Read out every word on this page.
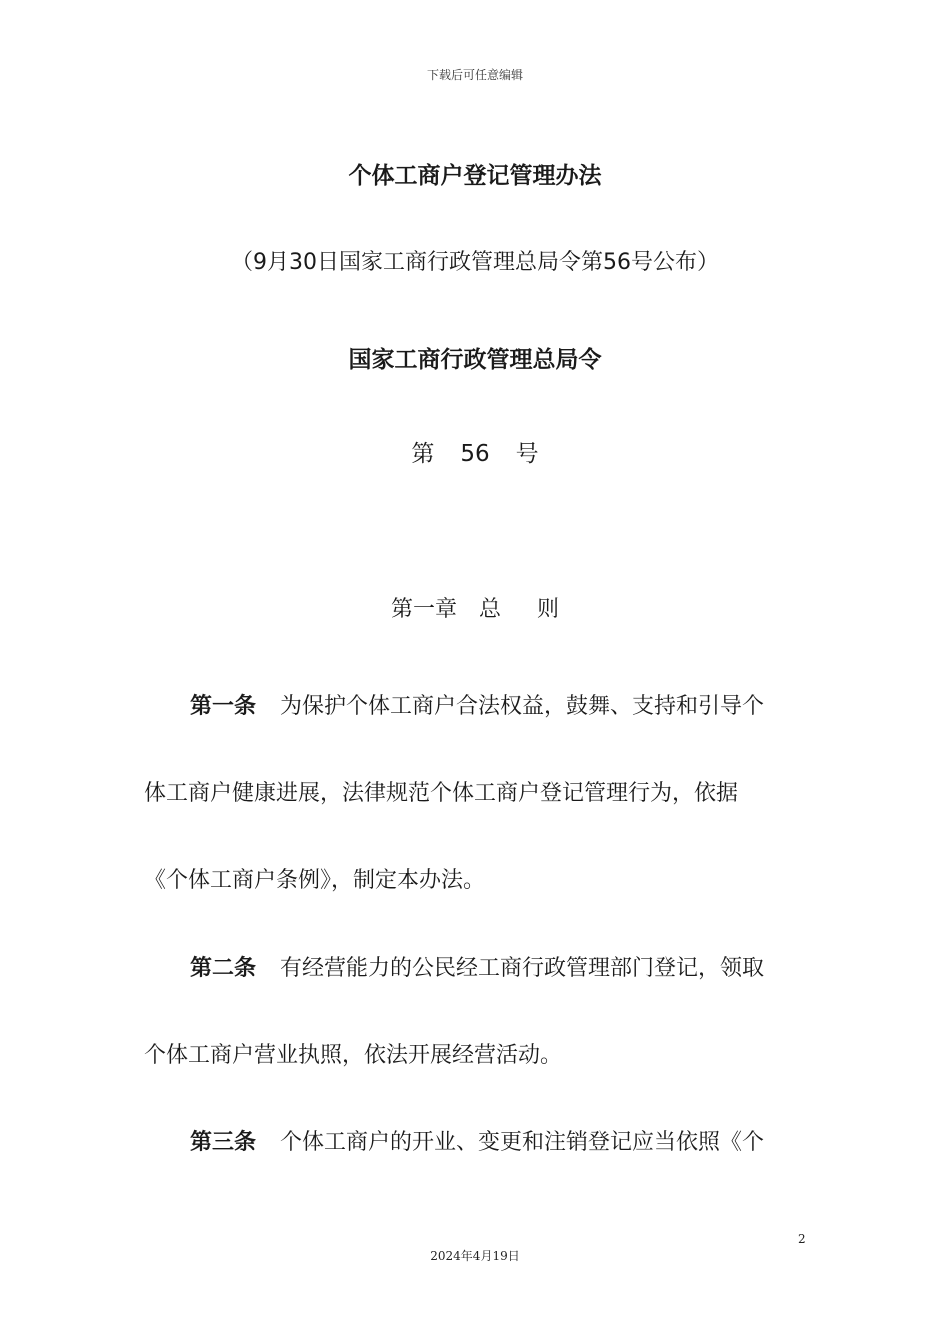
下载后可任意编辑
个体工商户登记管理办法
（9月30日国家工商行政管理总局令第56号公布）
国家工商行政管理总局令
第 56 号
第一章 总 则
第一条 为保护个体工商户合法权益，鼓舞、支持和引导个
体工商户健康进展，法律规范个体工商户登记管理行为，依据
《个体工商户条例》，制定本办法。
第二条 有经营能力的公民经工商行政管理部门登记，领取
个体工商户营业执照，依法开展经营活动。
第三条 个体工商户的开业、变更和注销登记应当依照《个
2
2024年4月19日
